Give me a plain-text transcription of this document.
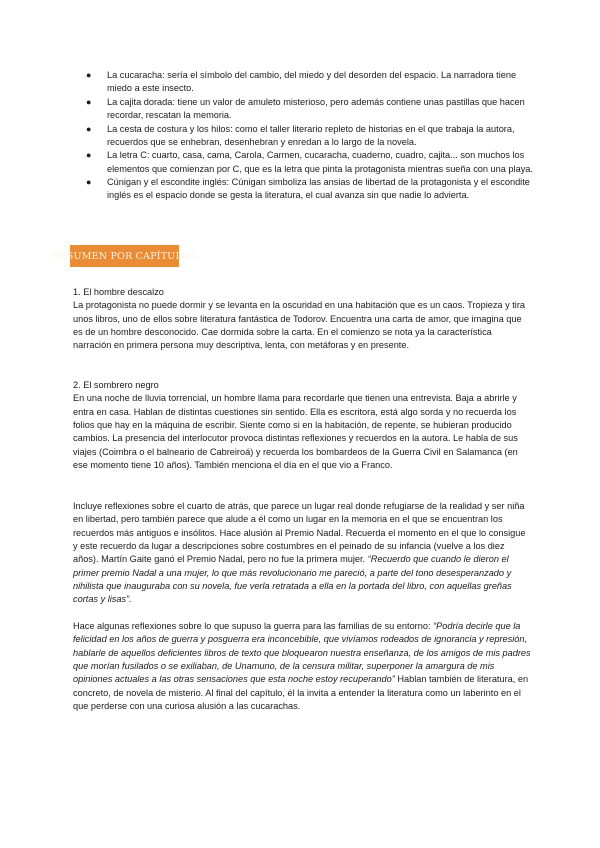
● La cucaracha: sería el símbolo del cambio, del miedo y del desorden del espacio. La narradora tiene miedo a este insecto.
● La cajita dorada: tiene un valor de amuleto misterioso, pero además contiene unas pastillas que hacen recordar, rescatan la memoria.
● La cesta de costura y los hilos: como el taller literario repleto de historias en el que trabaja la autora, recuerdos que se enhebran, desenhebran y enredan a lo largo de la novela.
● La letra C: cuarto, casa, cama, Carola, Carmen, cucaracha, cuaderno, cuadro, cajita... son muchos los elementos que comienzan por C, que es la letra que pinta la protagonista mientras sueña con una playa.
● Cúnigan y el escondite inglés: Cúnigan simboliza las ansias de libertad de la protagonista y el escondite inglés es el espacio donde se gesta la literatura, el cual avanza sin que nadie lo advierta.
RESUMEN POR CAPÍTULOS

1. El hombre descalzo

La protagonista no puede dormir y se levanta en la oscuridad en una habitación que es un caos. Tropieza y tira unos libros, uno de ellos sobre literatura fantástica de Todorov. Encuentra una carta de amor, que imagina que es de un hombre desconocido. Cae dormida sobre la carta. En el comienzo se nota ya la característica narración en primera persona muy descriptiva, lenta, con metáforas y en presente.

2. El sombrero negro

En una noche de lluvia torrencial, un hombre llama para recordarle que tienen una entrevista. Baja a abrirle y entra en casa. Hablan de distintas cuestiones sin sentido. Ella es escritora, está algo sorda y no recuerda los folios que hay en la máquina de escribir. Siente como si en la habitación, de repente, se hubieran producido cambios. La presencia del interlocutor provoca distintas reflexiones y recuerdos en la autora. Le habla de sus viajes (Coimbra o el balneario de Cabreiroá) y recuerda los bombardeos de la Guerra Civil en Salamanca (en ese momento tiene 10 años). También menciona el día en el que vio a Franco.

Incluye reflexiones sobre el cuarto de atrás, que parece un lugar real donde refugiarse de la realidad y ser niña en libertad, pero también parece que alude a él como un lugar en la memoria en el que se encuentran los recuerdos más antiguos e insólitos. Hace alusión al Premio Nadal. Recuerda el momento en el que lo consigue y este recuerdo da lugar a descripciones sobre costumbres en el peinado de su infancia (vuelve a los diez años). Martín Gaite ganó el Premio Nadal, pero no fue la primera mujer. “Recuerdo que cuando le dieron el primer premio Nadal a una mujer, lo que más revolucionario me pareció, a parte del tono desesperanzado y nihilista que inauguraba con su novela, fue verla retratada a ella en la portada del libro, con aquellas greñas cortas y lisas”.

Hace algunas reflexiones sobre lo que supuso la guerra para las familias de su entorno: “Podría decirle que la felicidad en los años de guerra y posguerra era inconcebible, que vivíamos rodeados de ignorancia y represión, hablarle de aquellos deficientes libros de texto que bloquearon nuestra enseñanza, de los amigos de mis padres que morían fusilados o se exiliaban, de Unamuno, de la censura militar, superponer la amargura de mis opiniones actuales a las otras sensaciones que esta noche estoy recuperando” Hablan también de literatura, en concreto, de novela de misterio. Al final del capítulo, él la invita a entender la literatura como un laberinto en el que perderse con una curiosa alusión a las cucarachas.
